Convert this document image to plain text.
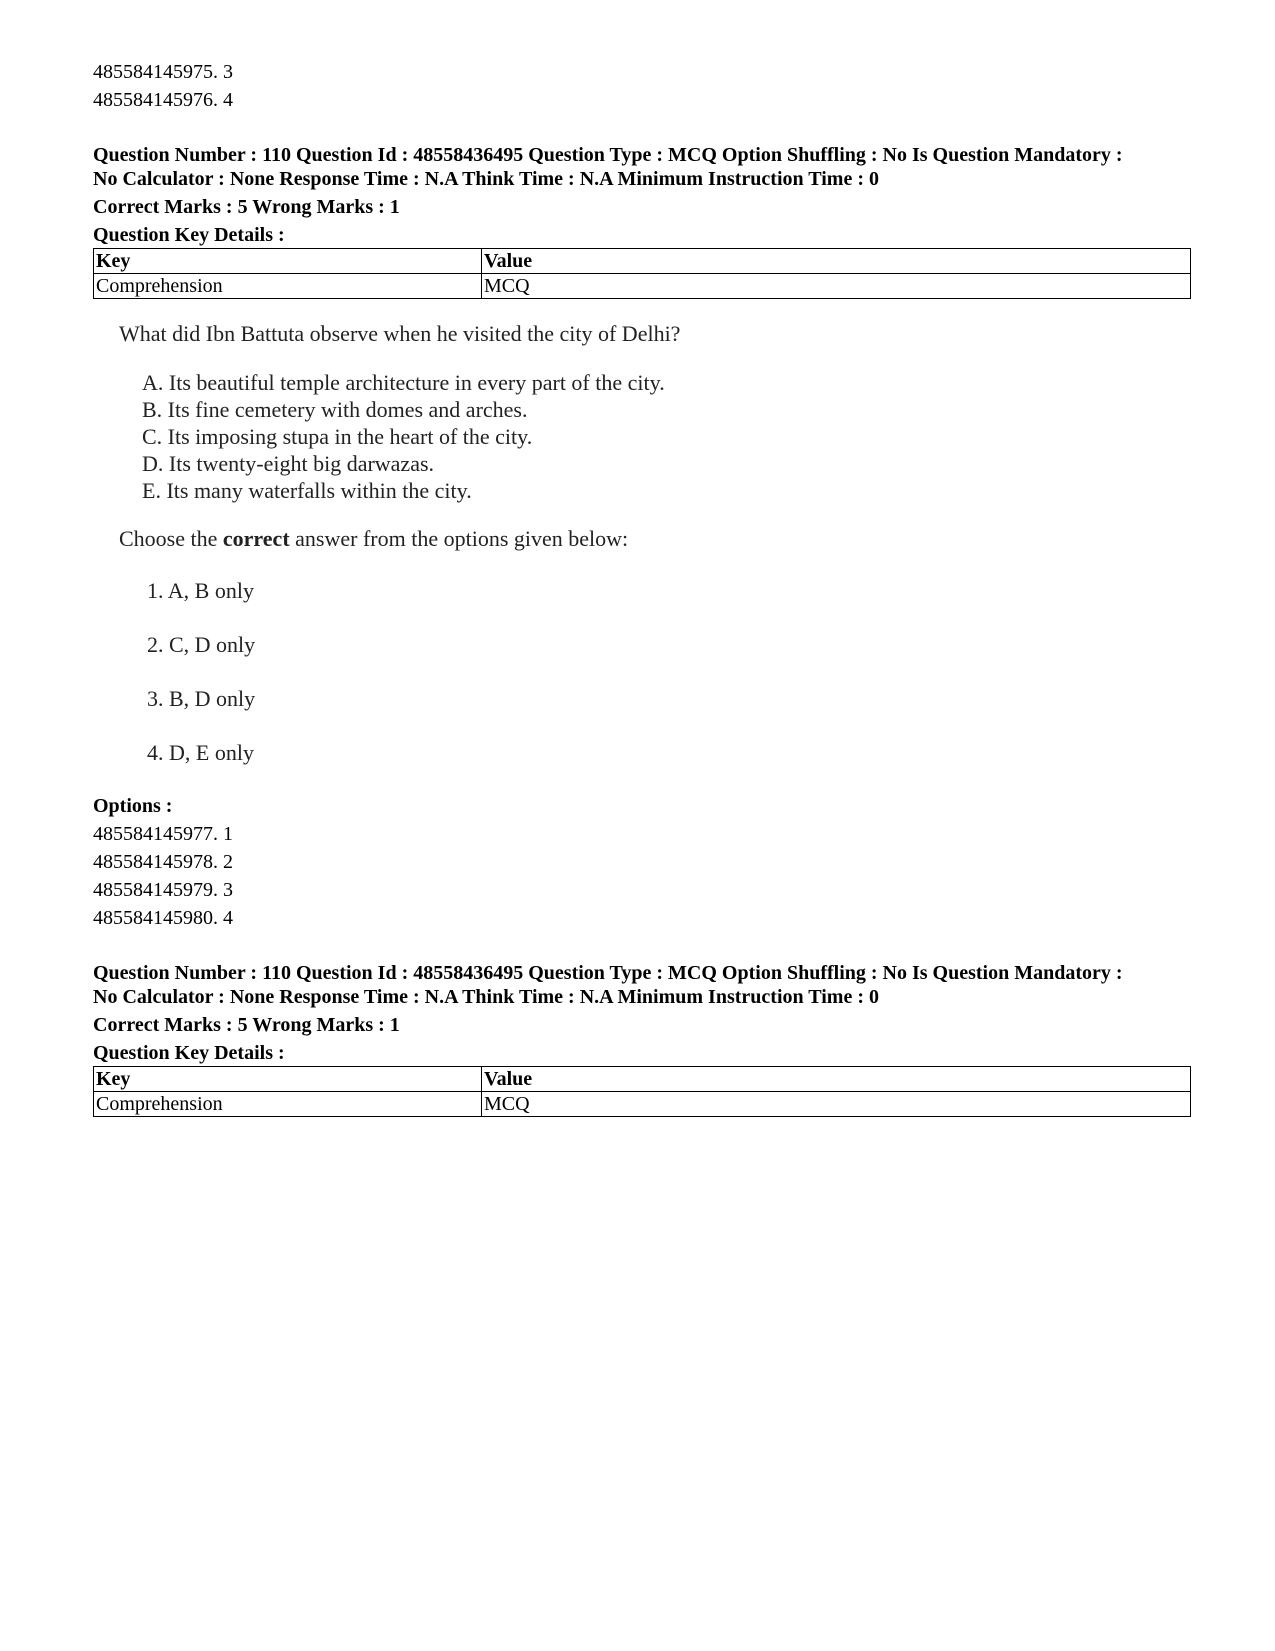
485584145975. 3
485584145976. 4
Question Number : 110 Question Id : 48558436495 Question Type : MCQ Option Shuffling : No Is Question Mandatory :
No Calculator : None Response Time : N.A Think Time : N.A Minimum Instruction Time : 0
Correct Marks : 5 Wrong Marks : 1
Question Key Details :
Key	Value
Comprehension	MCQ
What did Ibn Battuta observe when he visited the city of Delhi?
A. Its beautiful temple architecture in every part of the city.
B. Its fine cemetery with domes and arches.
C. Its imposing stupa in the heart of the city.
D. Its twenty-eight big darwazas.
E. Its many waterfalls within the city.
Choose the correct answer from the options given below:
1. A, B only
2. C, D only
3. B, D only
4. D, E only
Options :
485584145977. 1
485584145978. 2
485584145979. 3
485584145980. 4
Question Number : 110 Question Id : 48558436495 Question Type : MCQ Option Shuffling : No Is Question Mandatory :
No Calculator : None Response Time : N.A Think Time : N.A Minimum Instruction Time : 0
Correct Marks : 5 Wrong Marks : 1
Question Key Details :
Key	Value
Comprehension	MCQ
